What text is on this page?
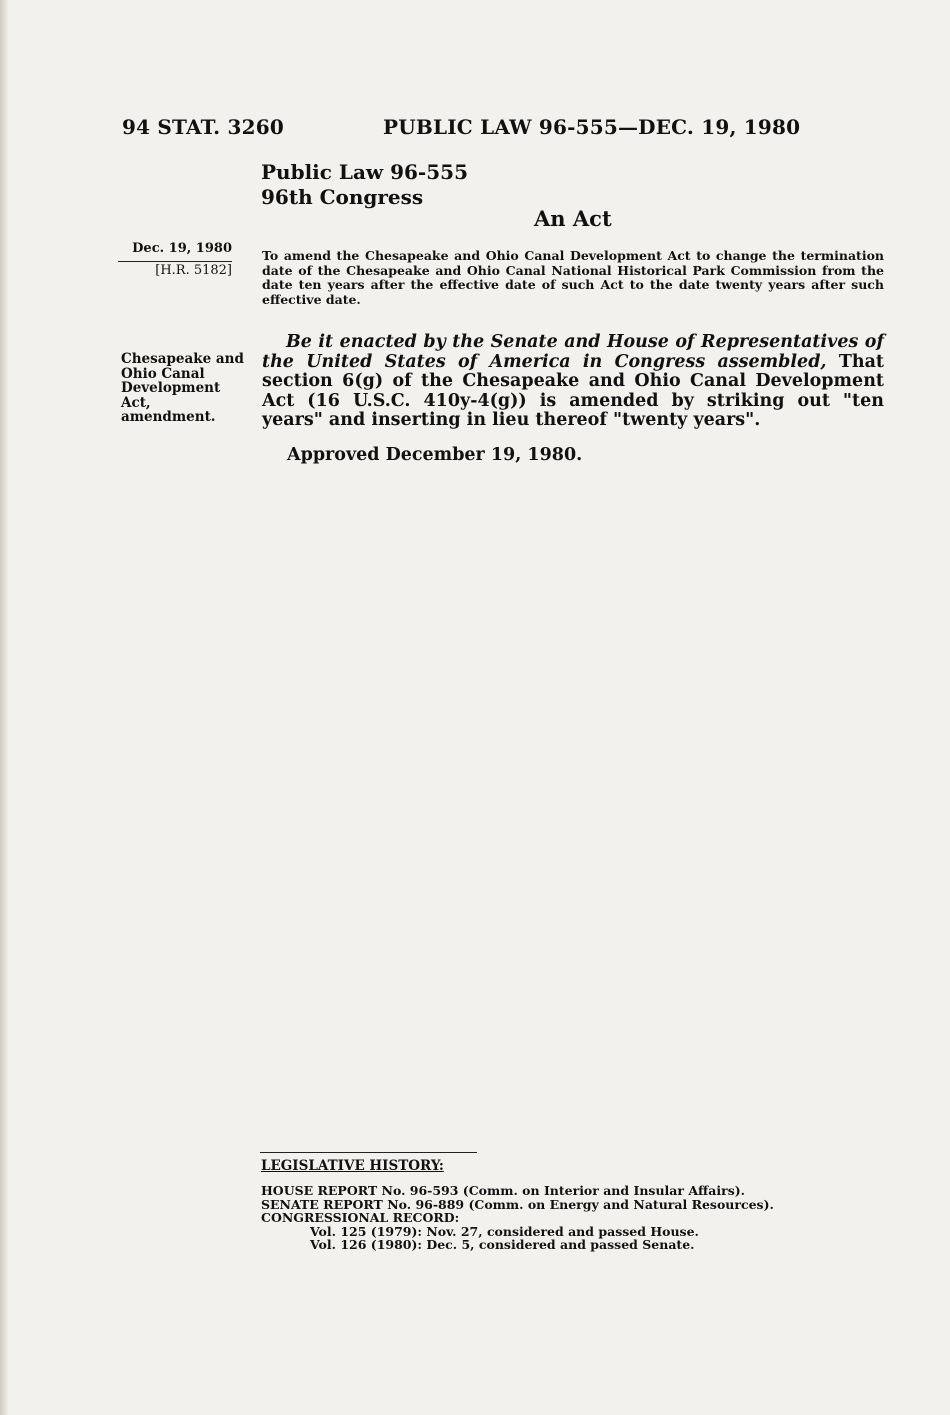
94 STAT. 3260	PUBLIC LAW 96-555—DEC. 19, 1980
Public Law 96-555
96th Congress
An Act
Dec. 19, 1980
[H.R. 5182]
To amend the Chesapeake and Ohio Canal Development Act to change the termination date of the Chesapeake and Ohio Canal National Historical Park Commission from the date ten years after the effective date of such Act to the date twenty years after such effective date.
Chesapeake and
Ohio Canal
Development
Act,
amendment.
Be it enacted by the Senate and House of Representatives of the United States of America in Congress assembled, That section 6(g) of the Chesapeake and Ohio Canal Development Act (16 U.S.C. 410y-4(g)) is amended by striking out "ten years" and inserting in lieu thereof "twenty years".
Approved December 19, 1980.
LEGISLATIVE HISTORY:
HOUSE REPORT No. 96-593 (Comm. on Interior and Insular Affairs).
SENATE REPORT No. 96-889 (Comm. on Energy and Natural Resources).
CONGRESSIONAL RECORD:
Vol. 125 (1979): Nov. 27, considered and passed House.
Vol. 126 (1980): Dec. 5, considered and passed Senate.
